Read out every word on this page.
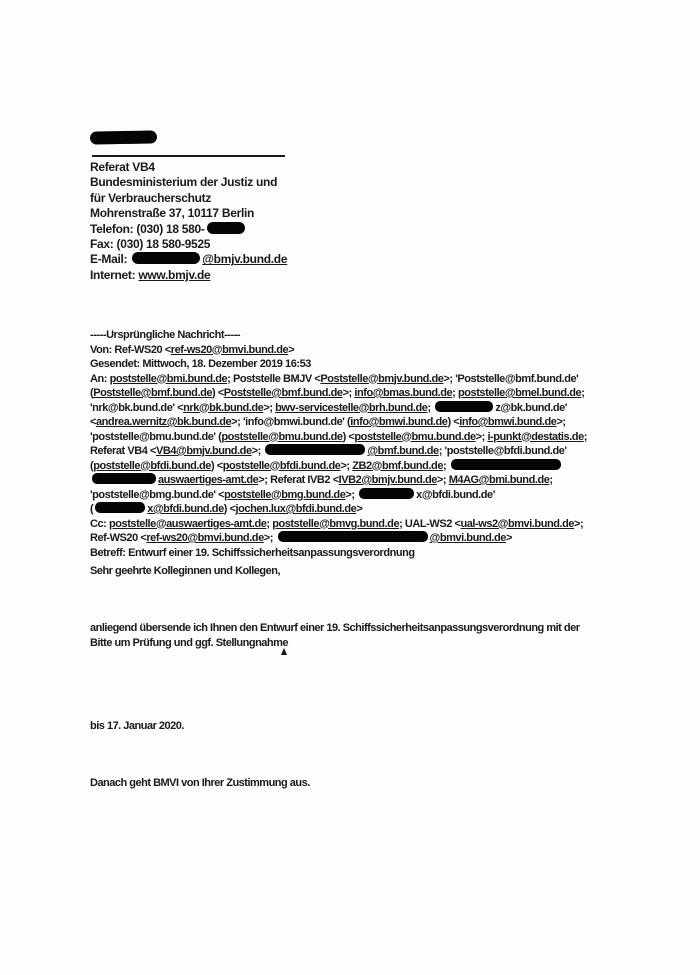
Referat VB4
Bundesministerium der Justiz und
für Verbraucherschutz
Mohrenstraße 37, 10117 Berlin
Telefon: (030) 18 580-
Fax: (030) 18 580-9525
E-Mail:	@bmjv.bund.de
Internet: www.bmjv.de
-----Ursprüngliche Nachricht-----
Von: Ref-WS20 <ref-ws20@bmvi.bund.de>
Gesendet: Mittwoch, 18. Dezember 2019 16:53
An: poststelle@bmi.bund.de; Poststelle BMJV <Poststelle@bmjv.bund.de>; 'Poststelle@bmf.bund.de'
(Poststelle@bmf.bund.de) <Poststelle@bmf.bund.de>; info@bmas.bund.de; poststelle@bmel.bund.de;
'nrk@bk.bund.de' <nrk@bk.bund.de>; bwv-servicestelle@brh.bund.de;	z@bk.bund.de'
<andrea.wernitz@bk.bund.de>; 'info@bmwi.bund.de' (info@bmwi.bund.de) <info@bmwi.bund.de>;
'poststelle@bmu.bund.de' (poststelle@bmu.bund.de) <poststelle@bmu.bund.de>; i-punkt@destatis.de;
Referat VB4 <VB4@bmjv.bund.de>;	@bmf.bund.de; 'poststelle@bfdi.bund.de'
(poststelle@bfdi.bund.de) <poststelle@bfdi.bund.de>; ZB2@bmf.bund.de;
auswaertiges-amt.de>; Referat IVB2 <IVB2@bmjv.bund.de>; M4AG@bmi.bund.de;
'poststelle@bmg.bund.de' <poststelle@bmg.bund.de>;	x@bfdi.bund.de'
(	x@bfdi.bund.de) <jochen.lux@bfdi.bund.de>
Cc: poststelle@auswaertiges-amt.de; poststelle@bmvg.bund.de; UAL-WS2 <ual-ws2@bmvi.bund.de>;
Ref-WS20 <ref-ws20@bmvi.bund.de>;	@bmvi.bund.de>
Betreff: Entwurf einer 19. Schiffssicherheitsanpassungsverordnung
Sehr geehrte Kolleginnen und Kollegen,
anliegend übersende ich Ihnen den Entwurf einer 19. Schiffssicherheitsanpassungsverordnung mit der
Bitte um Prüfung und ggf. Stellungnahme
bis 17. Januar 2020.
Danach geht BMVI von Ihrer Zustimmung aus.
